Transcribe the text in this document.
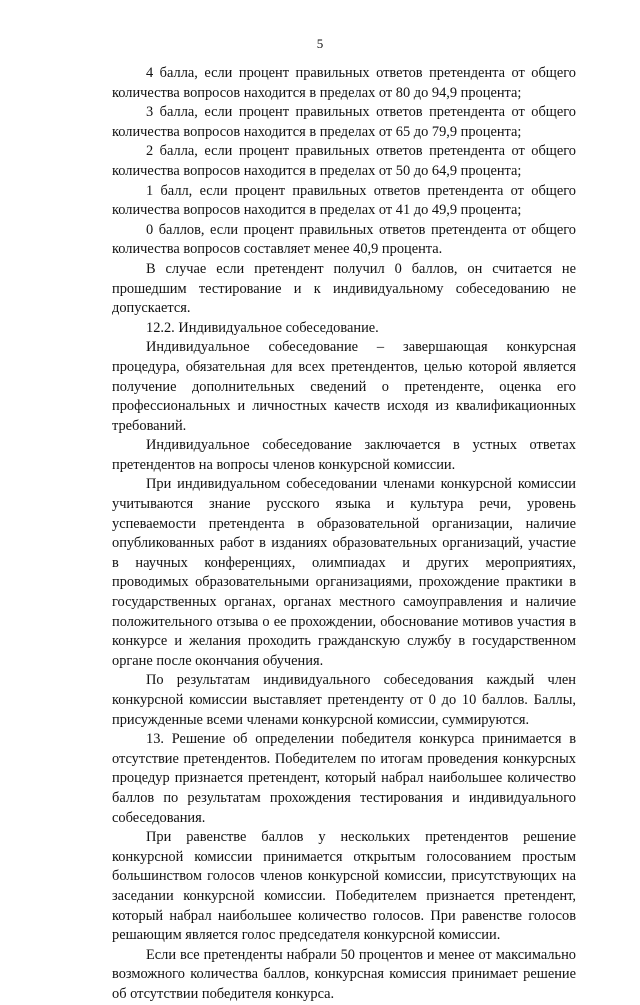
5

4 балла, если процент правильных ответов претендента от общего количества вопросов находится в пределах от 80 до 94,9 процента;

3 балла, если процент правильных ответов претендента от общего количества вопросов находится в пределах от 65 до 79,9 процента;

2 балла, если процент правильных ответов претендента от общего количества вопросов находится в пределах от 50 до 64,9 процента;

1 балл, если процент правильных ответов претендента от общего количества вопросов находится в пределах от 41 до 49,9 процента;

0 баллов, если процент правильных ответов претендента от общего количества вопросов составляет менее 40,9 процента.

В случае если претендент получил 0 баллов, он считается не прошедшим тестирование и к индивидуальному собеседованию не допускается.

12.2. Индивидуальное собеседование.

Индивидуальное собеседование – завершающая конкурсная процедура, обязательная для всех претендентов, целью которой является получение дополнительных сведений о претенденте, оценка его профессиональных и личностных качеств исходя из квалификационных требований.

Индивидуальное собеседование заключается в устных ответах претендентов на вопросы членов конкурсной комиссии.

При индивидуальном собеседовании членами конкурсной комиссии учитываются знание русского языка и культура речи, уровень успеваемости претендента в образовательной организации, наличие опубликованных работ в изданиях образовательных организаций, участие в научных конференциях, олимпиадах и других мероприятиях, проводимых образовательными организациями, прохождение практики в государственных органах, органах местного самоуправления и наличие положительного отзыва о ее прохождении, обоснование мотивов участия в конкурсе и желания проходить гражданскую службу в государственном органе после окончания обучения.

По результатам индивидуального собеседования каждый член конкурсной комиссии выставляет претенденту от 0 до 10 баллов. Баллы, присужденные всеми членами конкурсной комиссии, суммируются.

13. Решение об определении победителя конкурса принимается в отсутствие претендентов. Победителем по итогам проведения конкурсных процедур признается претендент, который набрал наибольшее количество баллов по результатам прохождения тестирования и индивидуального собеседования.

При равенстве баллов у нескольких претендентов решение конкурсной комиссии принимается открытым голосованием простым большинством голосов членов конкурсной комиссии, присутствующих на заседании конкурсной комиссии. Победителем признается претендент, который набрал наибольшее количество голосов. При равенстве голосов решающим является голос председателя конкурсной комиссии.

Если все претенденты набрали 50 процентов и менее от максимально возможного количества баллов, конкурсная комиссия принимает решение об отсутствии победителя конкурса.
